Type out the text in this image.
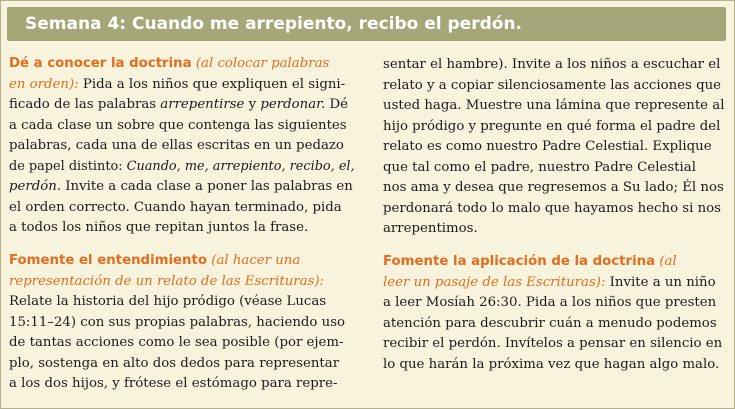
Semana 4: Cuando me arrepiento, recibo el perdón.
Dé a conocer la doctrina (al colocar palabras
en orden): Pida a los niños que expliquen el signi-
ficado de las palabras arrepentirse y perdonar. Dé
a cada clase un sobre que contenga las siguientes
palabras, cada una de ellas escritas en un pedazo
de papel distinto: Cuando, me, arrepiento, recibo, el,
perdón. Invite a cada clase a poner las palabras en
el orden correcto. Cuando hayan terminado, pida
a todos los niños que repitan juntos la frase.
Fomente el entendimiento (al hacer una
representación de un relato de las Escrituras):
Relate la historia del hijo pródigo (véase Lucas
15:11–24) con sus propias palabras, haciendo uso
de tantas acciones como le sea posible (por ejem-
plo, sostenga en alto dos dedos para representar
a los dos hijos, y frótese el estómago para repre-
sentar el hambre). Invite a los niños a escuchar el
relato y a copiar silenciosamente las acciones que
usted haga. Muestre una lámina que represente al
hijo pródigo y pregunte en qué forma el padre del
relato es como nuestro Padre Celestial. Explique
que tal como el padre, nuestro Padre Celestial
nos ama y desea que regresemos a Su lado; Él nos
perdonará todo lo malo que hayamos hecho si nos
arrepentimos.
Fomente la aplicación de la doctrina (al
leer un pasaje de las Escrituras): Invite a un niño
a leer Mosíah 26:30. Pida a los niños que presten
atención para descubrir cuán a menudo podemos
recibir el perdón. Invítelos a pensar en silencio en
lo que harán la próxima vez que hagan algo malo.
